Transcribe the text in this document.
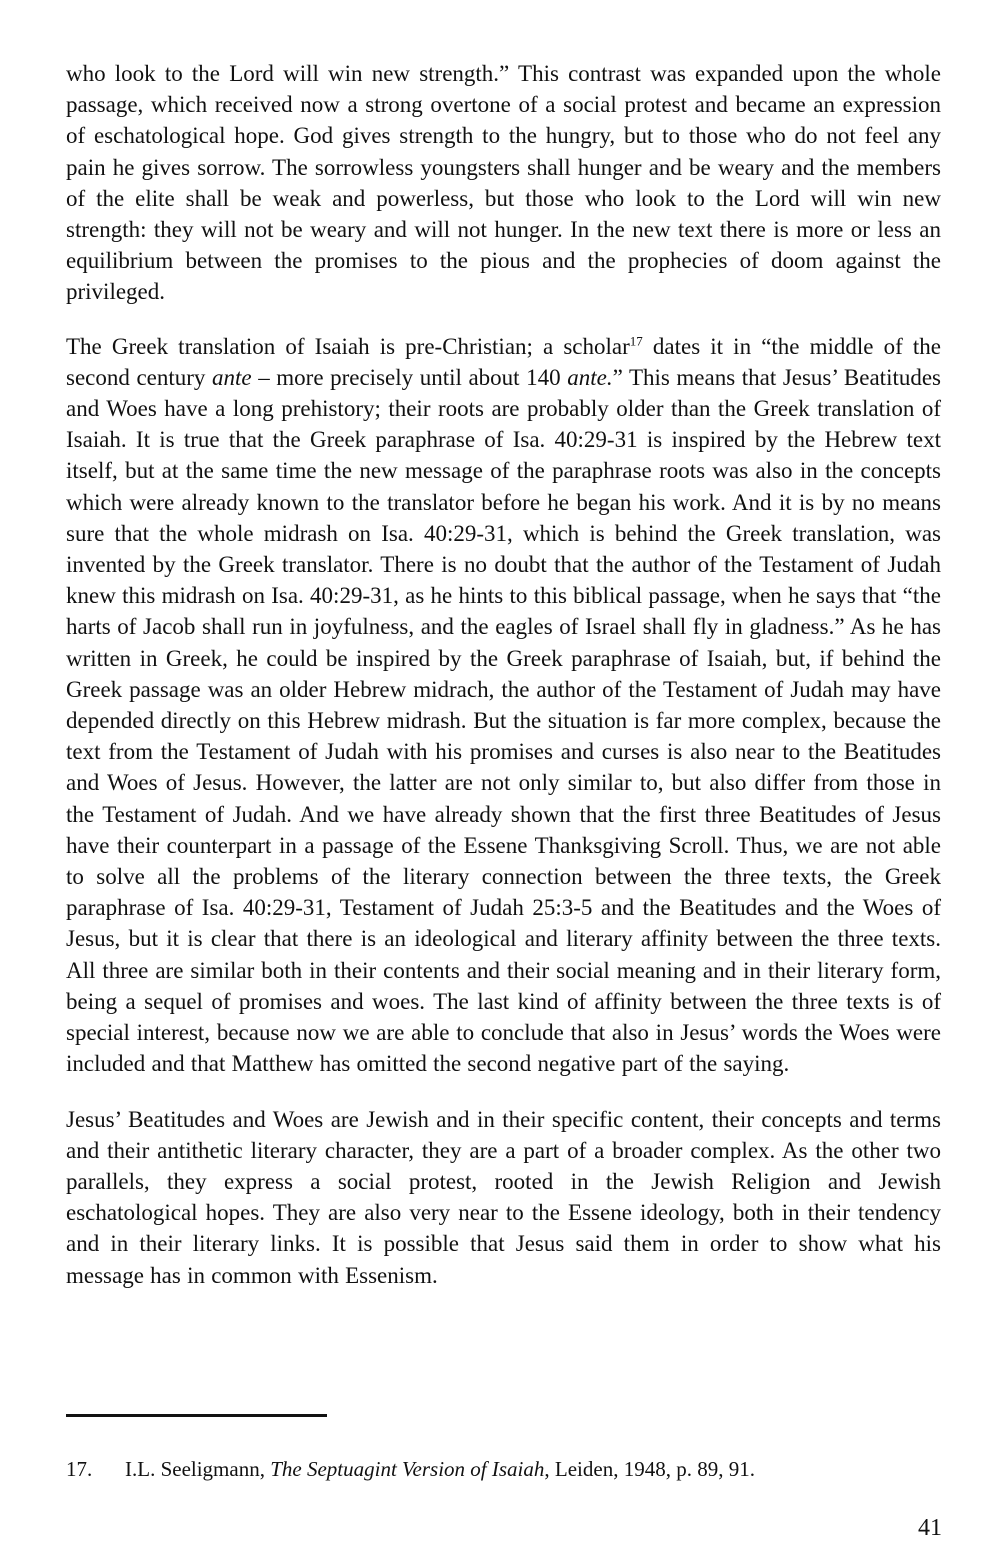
who look to the Lord will win new strength.” This contrast was expanded upon the whole passage, which received now a strong overtone of a social protest and became an expression of eschatological hope. God gives strength to the hungry, but to those who do not feel any pain he gives sorrow. The sorrowless youngsters shall hunger and be weary and the members of the elite shall be weak and powerless, but those who look to the Lord will win new strength: they will not be weary and will not hunger. In the new text there is more or less an equilibrium between the promises to the pious and the prophecies of doom against the privileged.

The Greek translation of Isaiah is pre-Christian; a scholar$^{17}$ dates it in “the middle of the second century ante – more precisely until about 140 ante.” This means that Jesus’ Beatitudes and Woes have a long prehistory; their roots are probably older than the Greek translation of Isaiah. It is true that the Greek paraphrase of Isa. 40:29-31 is inspired by the Hebrew text itself, but at the same time the new message of the paraphrase roots was also in the concepts which were already known to the translator before he began his work. And it is by no means sure that the whole midrash on Isa. 40:29-31, which is behind the Greek translation, was invented by the Greek translator. There is no doubt that the author of the Testament of Judah knew this midrash on Isa. 40:29-31, as he hints to this biblical passage, when he says that “the harts of Jacob shall run in joyfulness, and the eagles of Israel shall fly in gladness.” As he has written in Greek, he could be inspired by the Greek paraphrase of Isaiah, but, if behind the Greek passage was an older Hebrew midrach, the author of the Testament of Judah may have depended directly on this Hebrew midrash. But the situation is far more complex, because the text from the Testament of Judah with his promises and curses is also near to the Beatitudes and Woes of Jesus. However, the latter are not only similar to, but also differ from those in the Testament of Judah. And we have already shown that the first three Beatitudes of Jesus have their counterpart in a passage of the Essene Thanksgiving Scroll. Thus, we are not able to solve all the problems of the literary connection between the three texts, the Greek paraphrase of Isa. 40:29-31, Testament of Judah 25:3-5 and the Beatitudes and the Woes of Jesus, but it is clear that there is an ideological and literary affinity between the three texts. All three are similar both in their contents and their social meaning and in their literary form, being a sequel of promises and woes. The last kind of affinity between the three texts is of special interest, because now we are able to conclude that also in Jesus’ words the Woes were included and that Matthew has omitted the second negative part of the saying.

Jesus’ Beatitudes and Woes are Jewish and in their specific content, their concepts and terms and their antithetic literary character, they are a part of a broader complex. As the other two parallels, they express a social protest, rooted in the Jewish Religion and Jewish eschatological hopes. They are also very near to the Essene ideology, both in their tendency and in their literary links. It is possible that Jesus said them in order to show what his message has in common with Essenism.

17. I.L. Seeligmann, The Septuagint Version of Isaiah, Leiden, 1948, p. 89, 91.
41
